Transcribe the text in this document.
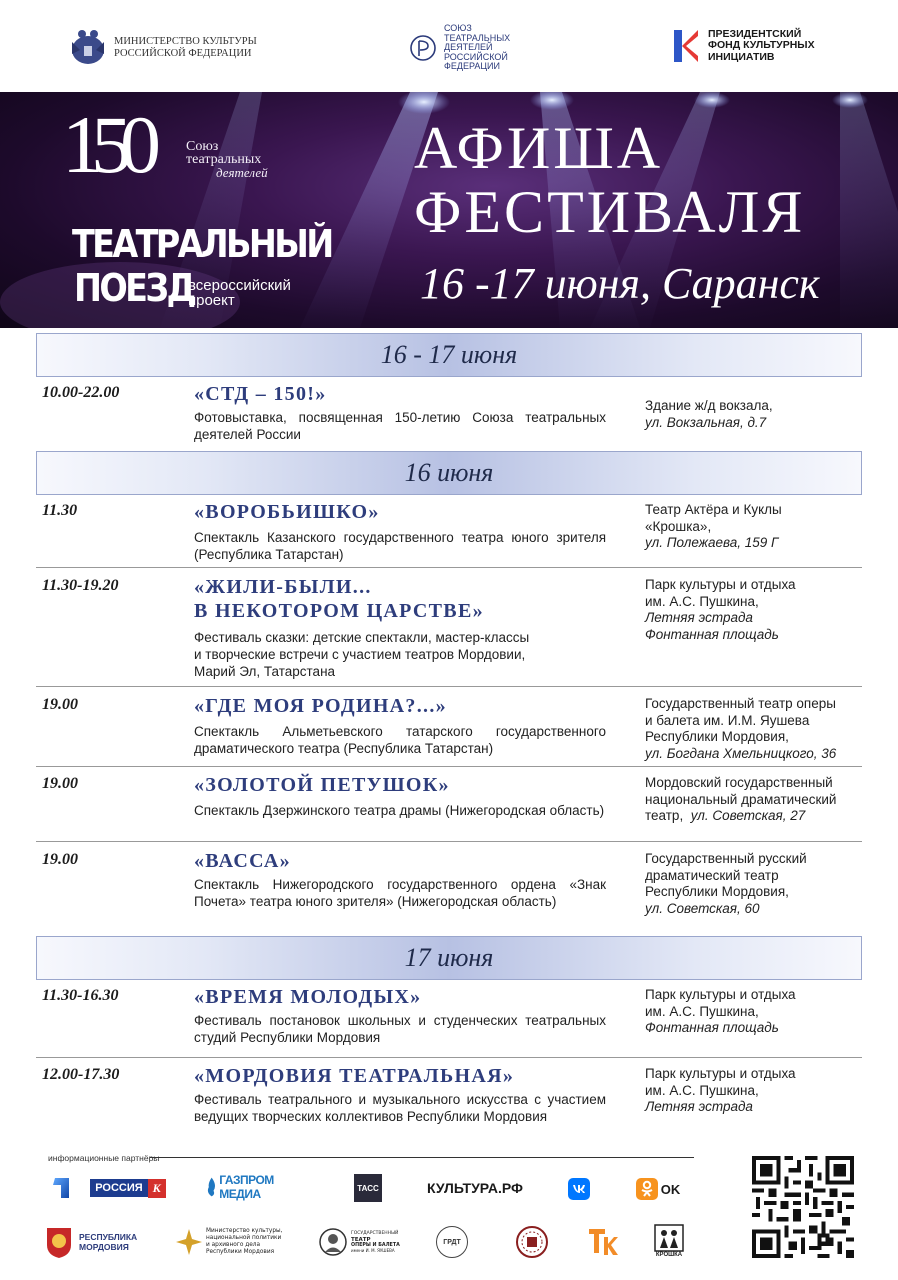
МИНИСТЕРСТВО КУЛЬТУРЫ
РОССИЙСКОЙ ФЕДЕРАЦИИ
СОЮЗ
ТЕАТРАЛЬНЫХ
ДЕЯТЕЛЕЙ
РОССИЙСКОЙ
ФЕДЕРАЦИИ
ПРЕЗИДЕНТСКИЙ
ФОНД КУЛЬТУРНЫХ
ИНИЦИАТИВ
150	Союз
театральных
деятелей
ТЕАТРАЛЬНЫЙ
ПОЕЗД
всероссийский
проект
АФИША
ФЕСТИВАЛЯ
16 -17 июня, Саранск
16 - 17 июня
10.00-22.00	«СТД – 150!»
Фотовыставка, посвященная 150-летию Союза театральных деятелей России
Здание ж/д вокзала,
ул. Вокзальная, д.7
16 июня
11.30	«ВОРОБЬИШКО»
Спектакль Казанского государственного театра юного зрителя (Республика Татарстан)
Театр Актёра и Куклы
«Крошка»,
ул. Полежаева, 159 Г
11.30-19.20	«ЖИЛИ-БЫЛИ...
В НЕКОТОРОМ ЦАРСТВЕ»
Фестиваль сказки: детские спектакли, мастер-классы
и творческие встречи с участием театров Мордовии,
Марий Эл, Татарстана
Парк культуры и отдыха
им. А.С. Пушкина,
Летняя эстрада
Фонтанная площадь
19.00	«ГДЕ МОЯ РОДИНА?...»
Спектакль Альметьевского татарского государственного драматического театра (Республика Татарстан)
Государственный театр оперы
и балета им. И.М. Яушева
Республики Мордовия,
ул. Богдана Хмельницкого, 36
19.00	«ЗОЛОТОЙ ПЕТУШОК»
Спектакль Дзержинского театра драмы (Нижегородская область)
Мордовский государственный
национальный драматический
театр,  ул. Советская, 27
19.00	«ВАССА»
Спектакль Нижегородского государственного ордена «Знак Почета» театра юного зрителя» (Нижегородская область)
Государственный русский
драматический театр
Республики Мордовия,
ул. Советская, 60
17 июня
11.30-16.30	«ВРЕМЯ МОЛОДЫХ»
Фестиваль постановок школьных и студенческих театральных студий Республики Мордовия
Парк культуры и отдыха
им. А.С. Пушкина,
Фонтанная площадь
12.00-17.30	«МОРДОВИЯ ТЕАТРАЛЬНАЯ»
Фестиваль театрального и музыкального искусства с участием ведущих творческих коллективов Республики Мордовия
Парк культуры и отдыха
им. А.С. Пушкина,
Летняя эстрада
информационные партнёры
РОССИЯ К
ГАЗПРОМ МЕДИА	ТАСС	КУЛЬТУРА.РФ	OK
РЕСПУБЛИКА
МОРДОВИЯ
Министерство культуры,
национальной политики
и архивного дела
Республики Мордовия
ГОСУДАРСТВЕННЫЙ
ТЕАТР
ОПЕРЫ И БАЛЕТА
имени И. М. ЯУШЕВА
ГРДТ
КРОШКА
